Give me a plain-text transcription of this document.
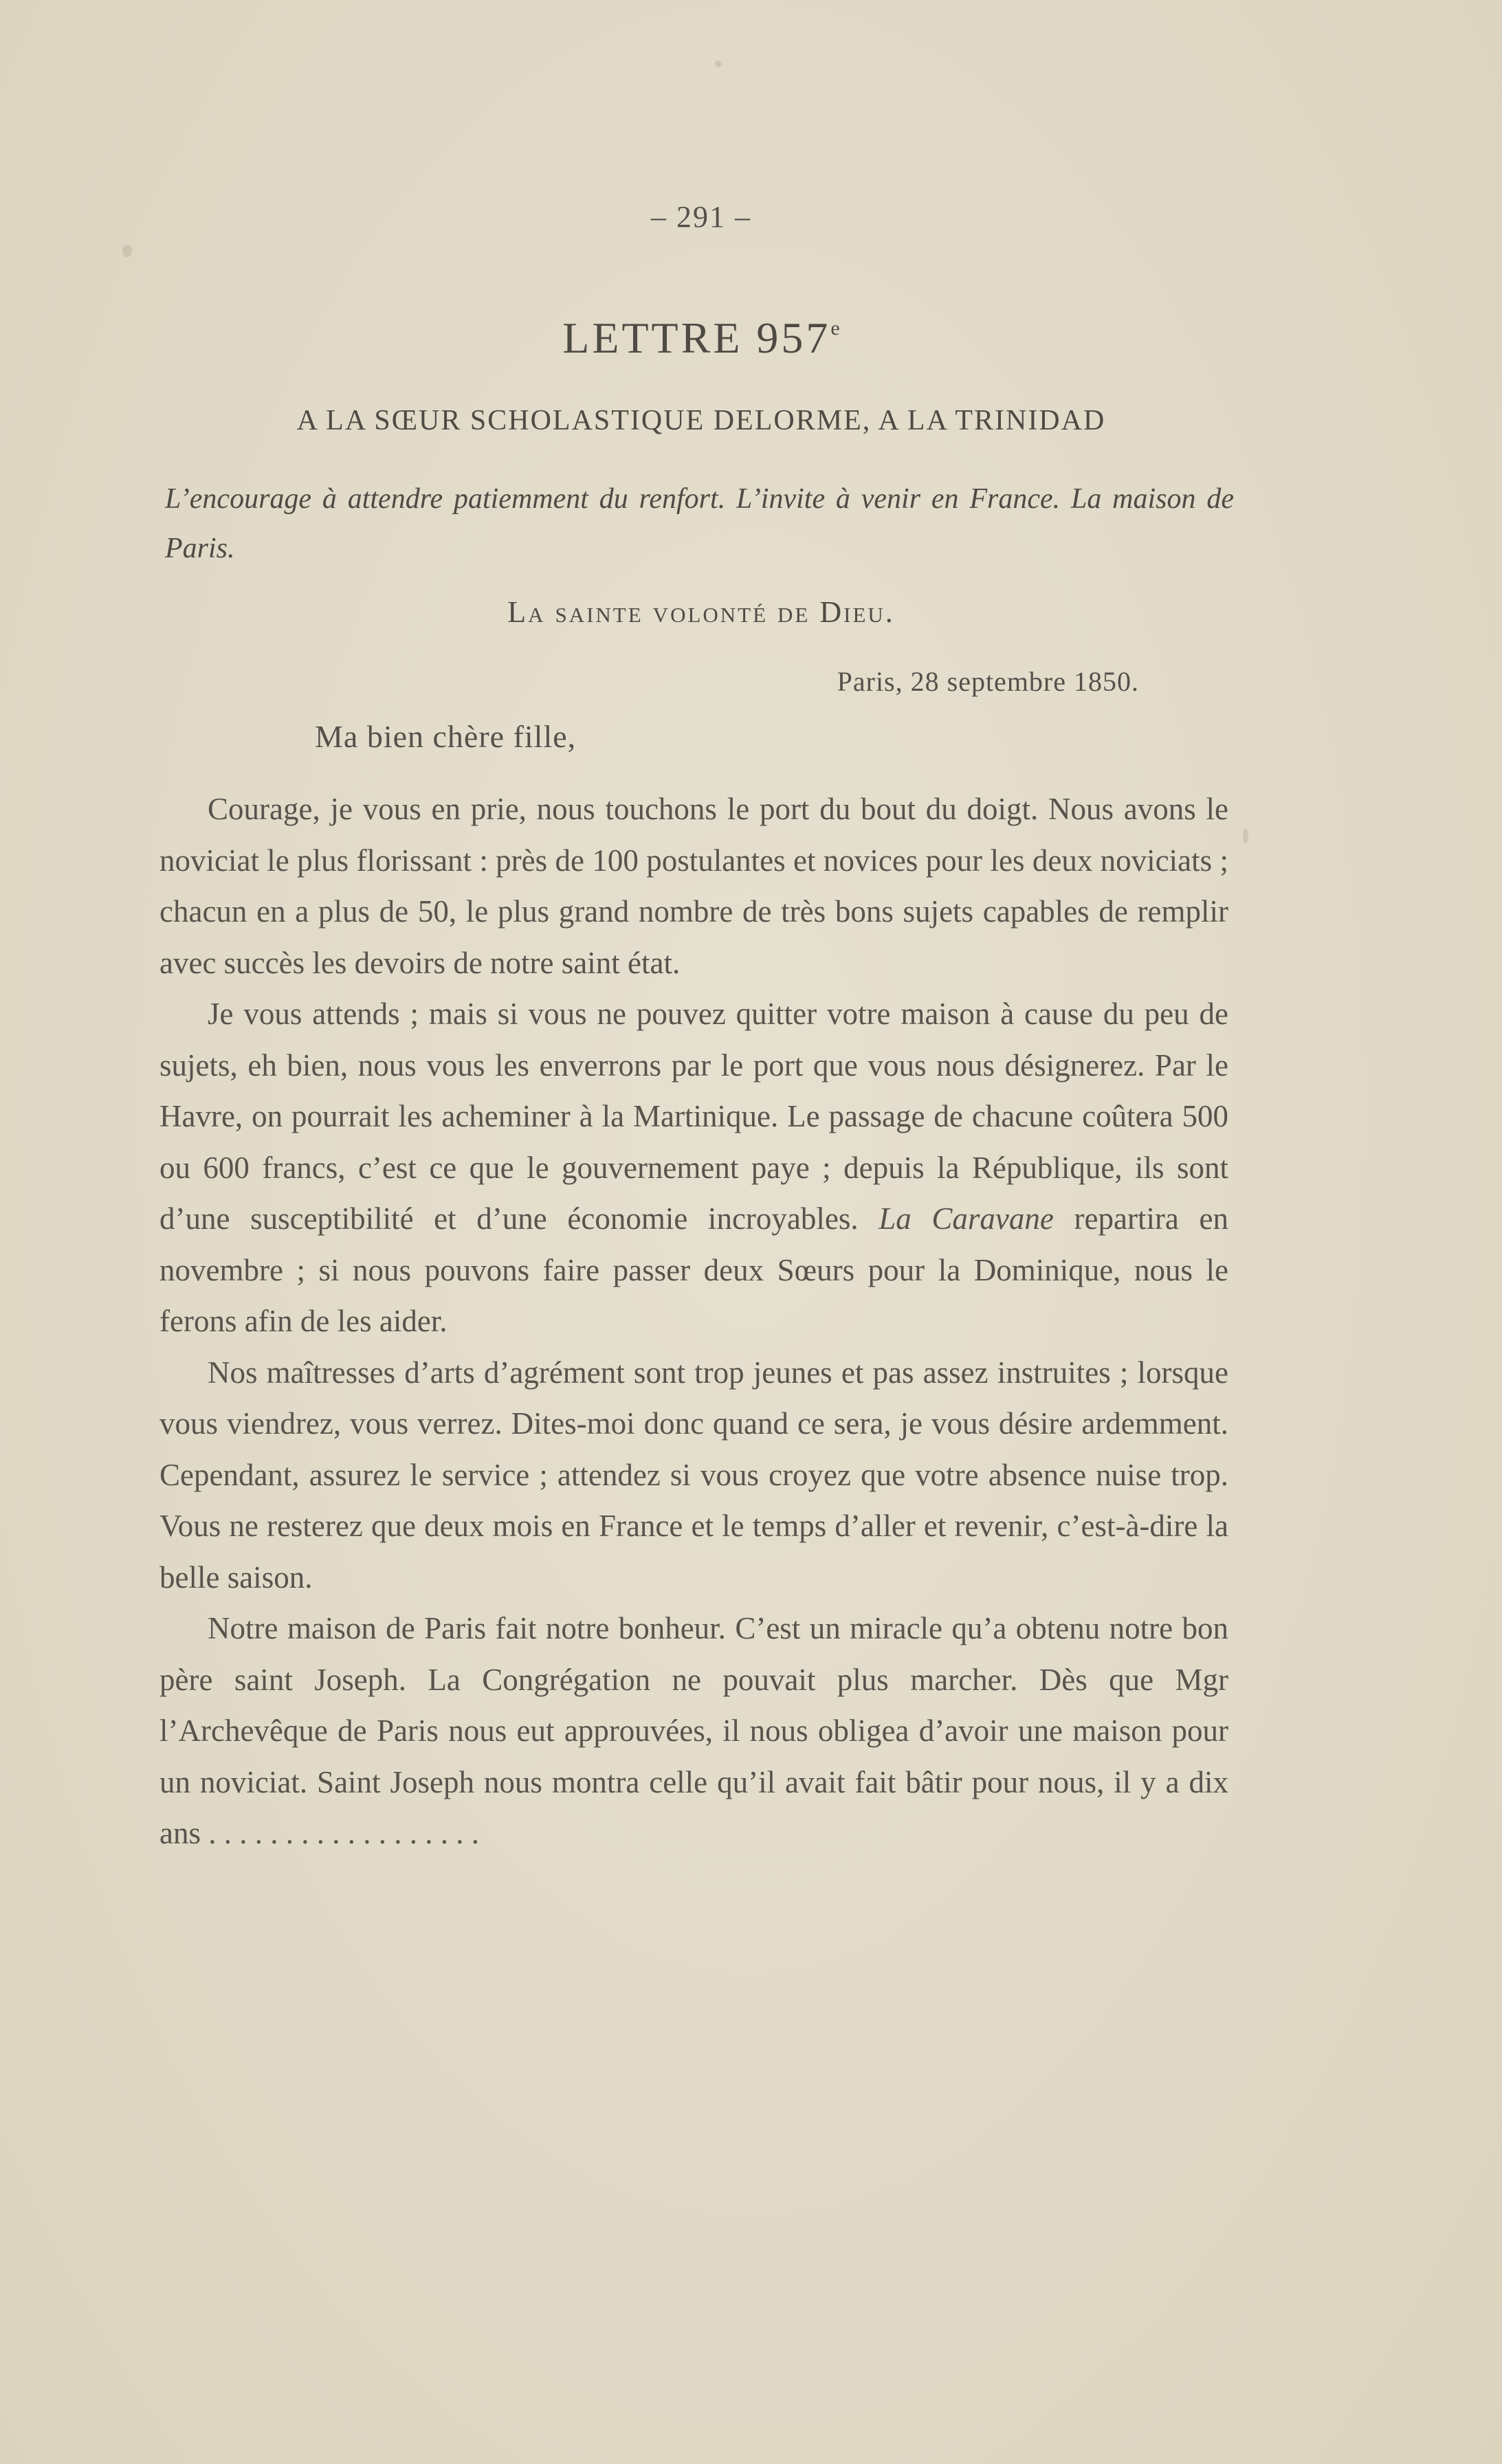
– 291 –
LETTRE 957e
A LA SŒUR SCHOLASTIQUE DELORME, A LA TRINIDAD
L’encourage à attendre patiemment du renfort. L’invite à venir en France. La maison de Paris.
La sainte volonté de Dieu.
Paris, 28 septembre 1850.
Ma bien chère fille,

Courage, je vous en prie, nous touchons le port du bout du doigt. Nous avons le noviciat le plus florissant : près de 100 postulantes et novices pour les deux noviciats ; chacun en a plus de 50, le plus grand nombre de très bons sujets capables de remplir avec succès les devoirs de notre saint état.

Je vous attends ; mais si vous ne pouvez quitter votre maison à cause du peu de sujets, eh bien, nous vous les enverrons par le port que vous nous désignerez. Par le Havre, on pourrait les acheminer à la Martinique. Le passage de chacune coûtera 500 ou 600 francs, c’est ce que le gouvernement paye ; depuis la République, ils sont d’une susceptibilité et d’une économie incroyables. La Caravane repartira en novembre ; si nous pouvons faire passer deux Sœurs pour la Dominique, nous le ferons afin de les aider.

Nos maîtresses d’arts d’agrément sont trop jeunes et pas assez instruites ; lorsque vous viendrez, vous verrez. Dites-moi donc quand ce sera, je vous désire ardemment. Cependant, assurez le service ; attendez si vous croyez que votre absence nuise trop. Vous ne resterez que deux mois en France et le temps d’aller et revenir, c’est-à-dire la belle saison.

Notre maison de Paris fait notre bonheur. C’est un miracle qu’a obtenu notre bon père saint Joseph. La Congrégation ne pouvait plus marcher. Dès que Mgr l’Archevêque de Paris nous eut approuvées, il nous obligea d’avoir une maison pour un noviciat. Saint Joseph nous montra celle qu’il avait fait bâtir pour nous, il y a dix ans . . . . . . . . . . . . . . . . . .
